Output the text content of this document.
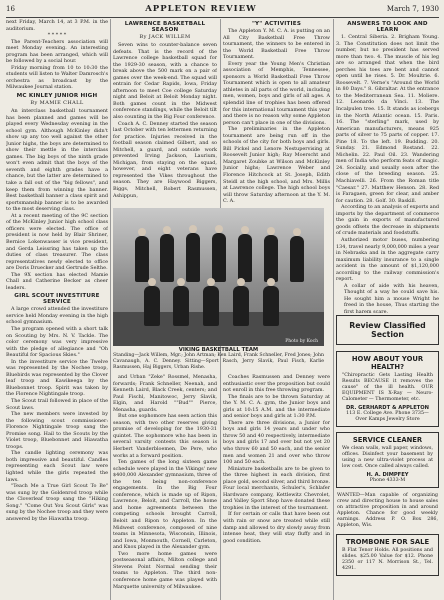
16	APPLETON REVIEW	March 7, 1930

next Friday, March 14, at 3 P.M. in the auditorium.

* * * * *

The Parent-Teachers association will meet Monday evening. An interesting program has been arranged, which will be followed by a social hour.

Friday morning from 10 to 10:30 the students will listen to Walter Damrosch's orchestra as broadcast by the Milwaukee Journal station.

MC KINLEY JUNIOR HIGH
By MAMIE CHALL

An interclass basketball tournament has been planned and games will be played every Wednesday evening in the school gym. Although McKinley didn't show up any too well against the other Junior highs, the boys are determined to show their mettle in the interclass games. The big boys of the ninth grade won't even admit that the boys of the seventh and eighth grades have a chance, but the latter are determined to take a fall out of the "big fellows", and keep them from winning the banner. Best basketball banner a class spirit and sportsmanship banner is to be awarded to the most deserving class.

At a recent meeting of the 9C section of the McKinley Junior high school class officers were elected. The office of president is now held by Blair Shriner, Bernice Lokenwasser is vice president, and Gerda Leissring has taken up the duties of class treasurer. The class representatives newly elected to office are Doris Druecker and Gertrude Selthe.

The 9X section has elected Mamie Chall and Catherine Becker as cheer leaders.

GIRL SCOUT INVESTITURE SERVICE

A large crowd attended the investiture service held Monday evening in the high school gymnasium.

The program opened with a short talk on Scouting by Mrs. N. V. Tackle. The color ceremony was very impressive with the pledge of allegiance and "Oh Beautiful for Spacious Skies."

In the investiture service the Twelve was represented by the Nochee troop, Bluebirds was represented by the Clover leaf troop and Kawikeega by the Bluebonnet troop. Spirit was taken by the Florence Nightingale troop.

The Scout trail followed in place of the Scout laws.

The new members were invested by the following scout commissioner: Florence Nightingale troop sang the Promise song. Hail to the Scouts by the Violet troop, Bluebonnet and Hiawatha troops.

The candle lighting ceremony was both impressive and beautiful. Candles representing each Scout law were lighted while the girls repeated the laws.

"Teach Me a True Girl Scout To Be" was sung by the Goldenrod troop while the Cloverleaf troop sang the "Hiking Song." "Come Out You Scout Girls" was sung by the Nochee troop and they were answered by the Hiawatha troop.

LAWRENCE BASKETBALL SEASON
By JACK WILLEM

Seven wins to counter-balance seven defeats. That is the record of the Lawrence college basketball squad for the 1929-30 season, with a chance to break above the 500 mark on a pair of games over the week-end. The squad will entrain for Cedar Rapids, Iowa, Friday afternoon to meet Coe college Saturday night and Beloit at Beloit Monday night. Both games count in the Midwest conference standings, while the Beloit tilt also counting in the Big Four conference.

Coach A. C. Denney started the season last October with ten lettermen returning for practice. Injuries received in the football season claimed Gilbert, and so Mitchell, a guard, and outside work prevented Irving Jackson, Laurium, Michigan, from staying on the squad, however, and eight veterans have represented the Vikes throughout the season. They are Haywood Biggers, Biggs, Mitchell, Robert Rasmussen, Ashippun,

"Y" ACTIVITIES

The Appleton Y. M. C. A. is putting on an All City Basketball Free Throw tournament, the winners to be entered in the World Basketball Free Throw Tournament.

Every year the Young Men's Christian association of Memphis, Tennessee, sponsors a World Basketball Free Throw Tournament which is open to all amateur athletes in all parts of the world, including men, women, boys and girls of all ages. A splendid line of trophies has been offered for this international tournament this year and there is no reason why some Appleton person can't place in one of the divisions.

The preliminaries in the Appleton tournament are being run off in the schools of the city for both boys and girls. Bill Pickel and Lenore Nestupervising at Roosevelt Junior high; Ray Moerscht and Margaret Zoubke at Wilson and McKinley Junior highs; Lawrence Weber and Florence Hitchcock at St. Joseph, Edith Steidl at the high school, and Mrs. Millis at Lawrence college. The high school boys will throw Saturday afternoon at the Y. M. C. A.

Photo by Koch
VIKING BASKETBALL TEAM
Standing—Jack Willem, Mgr.; John Artman; Ken Laird, Frank Schneller, Fred Jones; John Cavanaugh, A. C. Denney. Sitting—Sport Rasch, Jerry Slavik, Paul Fisch, Karlie Rasmussen, Haj Biggers, Urban Rishe.

and Urban "Zeke" Rossmel, Menasha, forwards; Frank Schneller, Neenah, and Kenneth Laird, Black Creek, centers; and Paul Fischl, Manitowoc, Jerry Slavik, Elgin, and Harold ""Bud"" Pierce, Menasha, guards.

But one sophomore has seen action this season, with two other reserves giving promise of developing for the 1930-31 quintet. The sophomore who has been in several varsity contests this season is Herbert Vanderbloemen, De Pere, who works at a forward position.

Ten games of the long sixteen game schedule were played in the Vikings' new $400,000 Alexander gymnasium, three of the ten being non-conference engagements. In the Big Four conference, which is made up of Ripon, Lawrence, Beloit, and Carroll, the home and home agreements between the competing schools brought Carroll, Beloit and Ripon to Appleton. In the Midwest conference, composed of nine teams in Minnesota, Wisconsin, Illinois, and Iowa, Monmouth, Cornell, Carleton, and Knox played in the Alexander gym.

Two more home games were postseasonal affairs, Milton college and Stevens Point Normal sending their teams to Appleton. The third non-conference home game was played with Marquette university of Milwaukee.

Coaches Rasmussen and Denney were enthusiastic over the proposition but could not enroll in this free throwing program.

The finals are to be thrown Saturday at the Y. M. C. A. gym, the Junior boys and girls at 10:15 A.M. and the intermediate and senior boys and girls at 1:30 P.M.

There are three divisions, a Junior for boys and girls 14 years and under who throw 50 and 40 respectively, intermediate boys and girls 17 and over but not yet 20 who throw 60 and 50 each, and the senior men and women 21 and over who throw 100 and 50 each.

Miniature basketballs are to be given to the three highest in each division, first place gold, second silver, and third bronze. Four local merchants, Schuler's, Schlafer Hardware company, Kettlewitz Chevrolet, and Valley Sport Shop have donated these trophies in the interest of the tournament.

If for certain or calls that have been out with rain or snow are treated while still damp and allowed to dry slowly away from intense heat, they will stay fluffy and in good condition.

ANSWERS TO LOOK AND LEARN

1. Central Siberia. 2. Brigham Young. 3. The Constitution does not limit the number, but no president has served more than two. 4. The muscle of his leg are so arranged that when the bird perches his toes are bent and cannot open until he rises. 5. Dr. Moultrie. 6. Roosevelt. 7. Verne's "Around the World in 80 Days." 8. Gibraltar. At the entrance to the Mediterranean Sea. 11. Moliere. 12. Leonardo da Vinci. 13. The Incalpulen tree. 15. It stands as icebergs in the North Atlantic ocean. 15. Paris. 16. The "sterling" mark, used by American manufacturers, means 925 parts of silver to 75 parts of copper. 17. Pine 18. To the left. 19. Budding. 20. Sunday. 21. Edmond Rostand. 22. Michelin. 22. Paul Oil. 23. Wandering men of India who perform feats of magic. 24. Socially, and usually soon after the close of the breeding season. 25. Machiavelli. 26. From the Roman title "Caesar." 27. Matthew Henson. 28. Red is Faragaen, green for clear, and amber for caution. 28. Golf. 30. Baskill.

According to an analysis of exports and imports by the department of commerce the gain in exports of manufactured goods offsets the decrease in shipments of crude materials and foodstuffs.

Authorized motor buses, numbering 134, travel nearly 9,000,000 miles a year in Nebraska and in the aggregate carry maximum liability insurance to a single accident in the amount of $1,120,000 according to the railway commission's report.

A collar of aide with his heaven, Thought of a way he could save his. He sought him a mouse Wright he freed in the house, Thus starting the first harem scare.

Review Classified Section
HOW ABOUT YOUR HEALTH?

"Chiropractic Gets Lasting Health Results BECAUSE it removes the cause" of the ill health. OUR EQUIPMENT IS X-Ray — Neuro-Calometer — Thermometer, etc.

DR. GERHARDT & APPLETON

113 E. College Ave. Phone 3735—Over Kamps Jewelry Store

SERVICE CLEANER

We clean walls, wall paper, windows, offices. Disinfect your basement by using a new ultra-violet process at low cost. Once called always called.

H. A. DIMPFEY

Phone 4333-M

WANTED—Man capable of organizing crew and directing house to house sales on attractive proposition in and around Appleton. Chance for good weekly earnings. Address P. O. Box 286, Appleton, Wis.

TROMBONE FOR SALE

B Flat Tenor Holds. All positions and slides. $25.00 Value for $12. Phone 2350 or 117 N. Morrison St., Tel. 4291.
